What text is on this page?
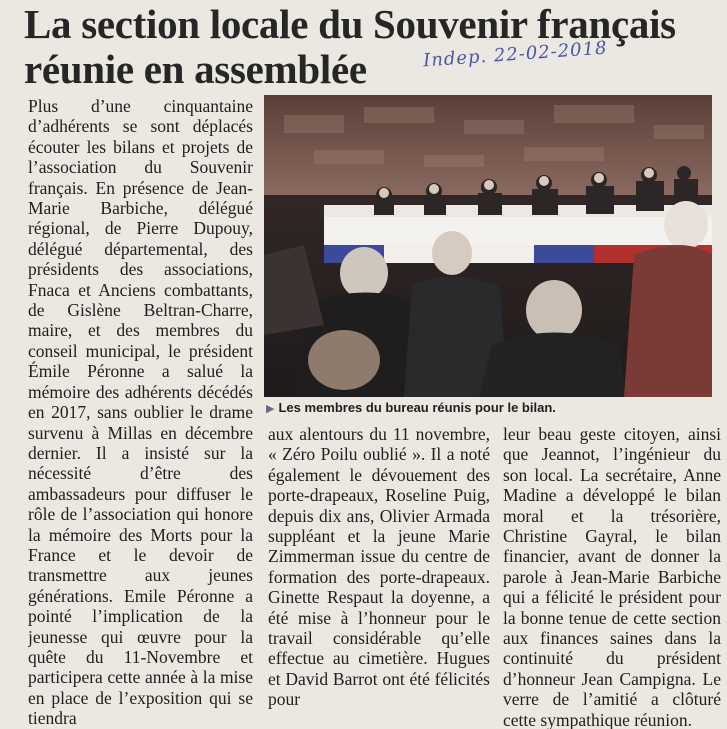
La section locale du Souvenir français
réunie en assemblée	Indep. 22-02-2018
Plus d’une cinquantaine d’adhérents se sont déplacés écouter les bilans et projets de l’association du Souvenir français. En présence de Jean-Marie Barbiche, délégué régional, de Pierre Dupouy, délégué départemental, des présidents des associations, Fnaca et Anciens combattants, de Gislène Beltran-Charre, maire, et des membres du conseil municipal, le président Émile Péronne a salué la mémoire des adhérents décédés en 2017, sans oublier le drame survenu à Millas en décembre dernier. Il a insisté sur la nécessité d’être des ambassadeurs pour diffuser le rôle de l’association qui honore la mémoire des Morts pour la France et le devoir de transmettre aux jeunes générations. Emile Péronne a pointé l’implication de la jeunesse qui œuvre pour la quête du 11-Novembre et participera cette année à la mise en place de l’exposition qui se tiendra
▶ Les membres du bureau réunis pour le bilan.
aux alentours du 11 novembre, « Zéro Poilu oublié ». Il a noté également le dévouement des porte-drapeaux, Roseline Puig, depuis dix ans, Olivier Armada suppléant et la jeune Marie Zimmerman issue du centre de formation des porte-drapeaux. Ginette Respaut la doyenne, a été mise à l’honneur pour le travail considérable qu’elle effectue au cimetière. Hugues et David Barrot ont été félicités pour
leur beau geste citoyen, ainsi que Jeannot, l’ingénieur du son local. La secrétaire, Anne Madine a développé le bilan moral et la trésorière, Christine Gayral, le bilan financier, avant de donner la parole à Jean-Marie Barbiche qui a félicité le président pour la bonne tenue de cette section aux finances saines dans la continuité du président d’honneur Jean Campigna. Le verre de l’amitié a clôturé cette sympathique réunion.
